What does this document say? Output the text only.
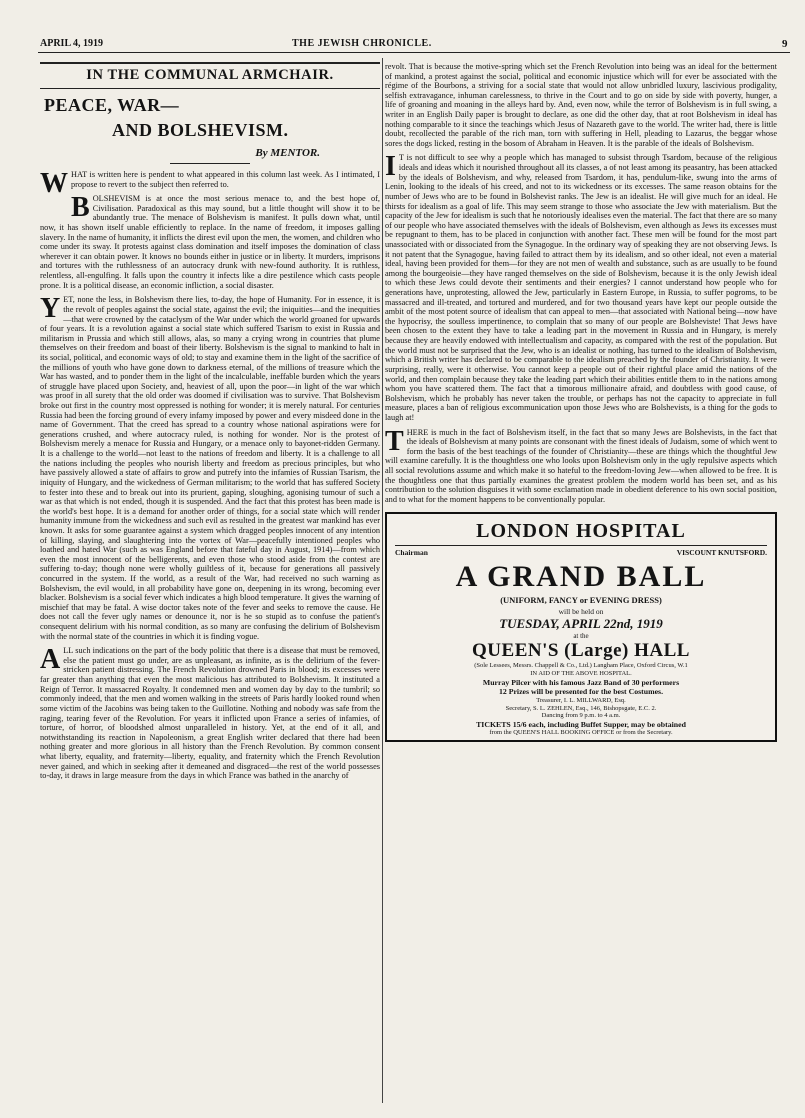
APRIL 4, 1919	THE JEWISH CHRONICLE.	9
IN THE COMMUNAL ARMCHAIR.
PEACE, WAR—
AND BOLSHEVISM.
By MENTOR.

WHAT is written here is pendent to what appeared in this column last week. As I intimated, I propose to revert to the subject then referred to.

BOLSHEVISM is at once the most serious menace to, and the best hope of, Civilisation. Paradoxical as this may sound, but a little thought will show it to be abundantly true. The menace of Bolshevism is manifest. It pulls down what, until now, it has shown itself unable efficiently to replace. In the name of freedom, it imposes galling slavery. In the name of humanity, it inflicts the direst evil upon the men, the women, and children who come under its sway. It protests against class domination and itself imposes the domination of class wherever it can obtain power. It knows no bounds either in justice or in liberty. It murders, imprisons and tortures with the ruthlessness of an autocracy drunk with new-found authority. It is ruthless, relentless, all-engulfing. It falls upon the country it infects like a dire pestilence which casts people prone. It is a political disease, an economic infliction, a social disaster.

YET, none the less, in Bolshevism there lies, to-day, the hope of Humanity. For in essence, it is the revolt of peoples against the social state, against the evil; the iniquities—and the inequities—that were crowned by the cataclysm of the War under which the world groaned for upwards of four years. It is a revolution against a social state which suffered Tsarism to exist in Russia and militarism in Prussia and which still allows, alas, so many a crying wrong in countries that plume themselves on their freedom and boast of their liberty. Bolshevism is the signal to mankind to halt in its social, political, and economic ways of old; to stay and examine them in the light of the sacrifice of the millions of youth who have gone down to darkness eternal, of the millions of treasure which the War has wasted, and to ponder them in the light of the incalculable, ineffable burden which the years of struggle have placed upon Society, and, heaviest of all, upon the poor—in light of the war which was proof in all surety that the old order was doomed if civilisation was to survive. That Bolshevism broke out first in the country most oppressed is nothing for wonder; it is merely natural. For centuries Russia had been the forcing ground of every infamy imposed by power and every misdeed done in the name of Government. That the creed has spread to a country whose national aspirations were for generations crushed, and where autocracy ruled, is nothing for wonder. Nor is the protest of Bolshevism merely a menace for Russia and Hungary, or a menace only to bayonet-ridden Germany. It is a challenge to the world—not least to the nations of freedom and liberty. It is a challenge to all the nations including the peoples who nourish liberty and freedom as precious principles, but who have passively allowed a state of affairs to grow and putrefy into the infamies of Russian Tsarism, the iniquity of Hungary, and the wickedness of German militarism; to the world that has suffered Society to fester into these and to break out into its prurient, gaping, sloughing, agonising tumour of such a war as that which is not ended, though it is suspended. And the fact that this protest has been made is the world's best hope. It is a demand for another order of things, for a social state which will render humanity immune from the wickedness and such evil as resulted in the greatest war mankind has ever known. It asks for some guarantee against a system which dragged peoples innocent of any intention of killing, slaying, and slaughtering into the vortex of War—peacefully intentioned peoples who loathed and hated War (such as was England before that fateful day in August, 1914)—from which even the most innocent of the belligerents, and even those who stood aside from the contest are suffering to-day; though none were wholly guiltless of it, because for generations all passively concurred in the system. If the world, as a result of the War, had received no such warning as Bolshevism, the evil would, in all probability have gone on, deepening in its wrong, becoming ever blacker. Bolshevism is a social fever which indicates a high blood temperature. It gives the warning of mischief that may be fatal. A wise doctor takes note of the fever and seeks to remove the cause. He does not call the fever ugly names or denounce it, nor is he so stupid as to confuse the patient's consequent delirium with his normal condition, as so many are confusing the delirium of Bolshevism with the normal state of the countries in which it is finding vogue.

ALL such indications on the part of the body politic that there is a disease that must be removed, else the patient must go under, are as unpleasant, as infinite, as is the delirium of the fever-stricken patient distressing. The French Revolution drowned Paris in blood; its excesses were far greater than anything that even the most malicious has attributed to Bolshevism. It instituted a Reign of Terror. It massacred Royalty. It condemned men and women day by day to the tumbril; so commonly indeed, that the men and women walking in the streets of Paris hardly looked round when some victim of the Jacobins was being taken to the Guillotine. Nothing and nobody was safe from the raging, tearing fever of the Revolution. For years it inflicted upon France a series of infamies, of torture, of horror, of bloodshed almost unparalleled in history. Yet, at the end of it all, and notwithstanding its reaction in Napoleonism, a great English writer declared that there had been nothing greater and more glorious in all history than the French Revolution. By common consent what liberty, equality, and fraternity—liberty, equality, and fraternity which the French Revolution never gained, and which in seeking after it demeaned and disgraced—the rest of the world possesses to-day, it draws in large measure from the days in which France was bathed in the anarchy of

revolt. That is because the motive-spring which set the French Revolution into being was an ideal for the betterment of mankind, a protest against the social, political and economic injustice which will for ever be associated with the régime of the Bourbons, a striving for a social state that would not allow unbridled luxury, lascivious prodigality, selfish extravagance, inhuman carelessness, to thrive in the Court and to go on side by side with poverty, hunger, a life of groaning and moaning in the alleys hard by. And, even now, while the terror of Bolshevism is in full swing, a writer in an English Daily paper is brought to declare, as one did the other day, that at root Bolshevism in ideal has nothing comparable to it since the teachings which Jesus of Nazareth gave to the world. The writer had, there is little doubt, recollected the parable of the rich man, torn with suffering in Hell, pleading to Lazarus, the beggar whose sores the dogs licked, resting in the bosom of Abraham in Heaven. It is the parable of the ideals of Bolshevism.

I T is not difficult to see why a people which has managed to subsist through Tsardom, because of the religious ideals and ideas which it nourished throughout all its classes, a of not least among its peasantry, has been attacked by the ideals of Bolshevism, and why, released from Tsardom, it has, pendulum-like, swung into the arms of Lenin, looking to the ideals of his creed, and not to its wickedness or its excesses. The same reason obtains for the number of Jews who are to be found in Bolshevist ranks. The Jew is an idealist. He will give much for an ideal. He thirsts for idealism as a goal of life. This may seem strange to those who associate the Jew with materialism. But the capacity of the Jew for idealism is such that he notoriously idealises even the material. The fact that there are so many of our people who have associated themselves with the ideals of Bolshevism, even although as Jews its excesses must be repugnant to them, has to be placed in conjunction with another fact. These men will be found for the most part unassociated with or dissociated from the Synagogue. In the ordinary way of speaking they are not observing Jews. Is it not patent that the Synagogue, having failed to attract them by its idealism, and so other ideal, not even a material ideal, having been provided for them—for they are not men of wealth and substance, such as are usually to be found among the bourgeoisie—they have ranged themselves on the side of Bolshevism, because it is the only Jewish ideal to which these Jews could devote their sentiments and their energies? I cannot understand how people who for generations have, unprotesting, allowed the Jew, particularly in Eastern Europe, in Russia, to suffer pogroms, to be massacred and ill-treated, and tortured and murdered, and for two thousand years have kept our people outside the ambit of the most potent source of idealism that can appeal to men—that associated with National being—now have the hypocrisy, the soulless impertinence, to complain that so many of our people are Bolsheviste! That Jews have been chosen to the extent they have to take a leading part in the movement in Russia and in Hungary, is merely because they are heavily endowed with intellectualism and capacity, as compared with the rest of the population. But the world must not be surprised that the Jew, who is an idealist or nothing, has turned to the idealism of Bolshevism, which a British writer has declared to be comparable to the idealism preached by the founder of Christianity. It were surprising, really, were it otherwise. You cannot keep a people out of their rightful place amid the nations of the world, and then complain because they take the leading part which their abilities entitle them to in the nations among whom you have scattered them. The fact that a timorous millionaire afraid, and doubtless with good cause, of Bolshevism, which he probably has never taken the trouble, or perhaps has not the capacity to appreciate in full measure, places a ban of religious excommunication upon those Jews who are Bolshevists, is a thing for the gods to laugh at!

THERE is much in the fact of Bolshevism itself, in the fact that so many Jews are Bolshevists, in the fact that the ideals of Bolshevism at many points are consonant with the finest ideals of Judaism, some of which went to form the basis of the best teachings of the founder of Christianity—these are things which the thoughtful Jew will examine carefully. It is the thoughtless one who looks upon Bolshevism only in the ugly repulsive aspects which all social revolutions assume and which make it so hateful to the freedom-loving Jew—when allowed to be free. It is the thoughtless one that thus partially examines the greatest problem the modern world has been set, and as his contribution to the solution disguises it with some exclamation made in obedient deference to his own social position, and to what for the moment happens to be conventionally popular.

LONDON HOSPITAL
Chairman	VISCOUNT KNUTSFORD.
A GRAND BALL
(UNIFORM, FANCY or EVENING DRESS)
will be held on
TUESDAY, APRIL 22nd, 1919
at the
QUEEN'S (Large) HALL
(Sole Lessees, Messrs. Chappell & Co., Ltd.) Langham Place, Oxford Circus, W.1
IN AID OF THE ABOVE HOSPITAL.
Murray Pilcer with his famous Jazz Band of 30 performers
12 Prizes will be presented for the best Costumes.
Treasurer, I. L. MILLWARD, Esq.
Secretary, S. L. ZEHLEN, Esq., 146, Bishopsgate, E.C. 2.
Dancing from 9 p.m. to 4 a.m.
TICKETS 15/6 each, including Buffet Supper, may be obtained
from the QUEEN'S HALL BOOKING OFFICE or from the Secretary.
